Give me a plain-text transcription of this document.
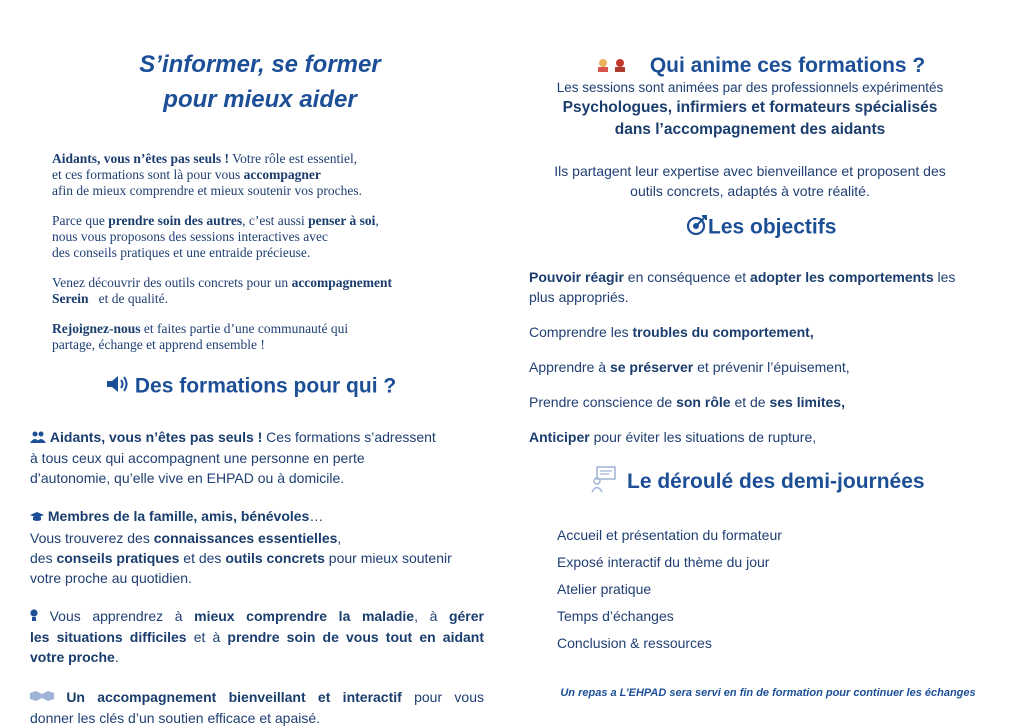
S’informer, se former
pour mieux aider
Aidants, vous n’êtes pas seuls ! Votre rôle est essentiel,
et ces formations sont là pour vous accompagner
afin de mieux comprendre et mieux soutenir vos proches.
Parce que prendre soin des autres, c’est aussi penser à soi,
nous vous proposons des sessions interactives avec
des conseils pratiques et une entraide précieuse.
Venez découvrir des outils concrets pour un accompagnement
Serein   et de qualité.
Rejoignez-nous et faites partie d’une communauté qui
partage, échange et apprend ensemble !
Des formations pour qui ?
Aidants, vous n’êtes pas seuls ! Ces formations s’adressent
à tous ceux qui accompagnent une personne en perte
d’autonomie, qu’elle vive en EHPAD ou à domicile.
Membres de la famille, amis, bénévoles…
Vous trouverez des connaissances essentielles,
des conseils pratiques et des outils concrets pour mieux soutenir
votre proche au quotidien.
Vous apprendrez à mieux comprendre la maladie, à gérer
les situations difficiles et à prendre soin de vous tout en aidant
votre proche.
Un accompagnement bienveillant et interactif pour vous
donner les clés d’un soutien efficace et apaisé.
Qui anime ces formations ?
Les sessions sont animées par des professionnels expérimentés
Psychologues, infirmiers et formateurs spécialisés
dans l’accompagnement des aidants
Ils partagent leur expertise avec bienveillance et proposent des
outils concrets, adaptés à votre réalité.
Les objectifs
Pouvoir réagir en conséquence et adopter les comportements les
plus appropriés.
Comprendre les troubles du comportement,
Apprendre à se préserver et prévenir l’épuisement,
Prendre conscience de son rôle et de ses limites,
Anticiper pour éviter les situations de rupture,
Le déroulé des demi-journées
Accueil et présentation du formateur
Exposé interactif du thème du jour
Atelier pratique
Temps d’échanges
Conclusion & ressources
Un repas a L’EHPAD sera servi en fin de formation pour continuer les échanges
